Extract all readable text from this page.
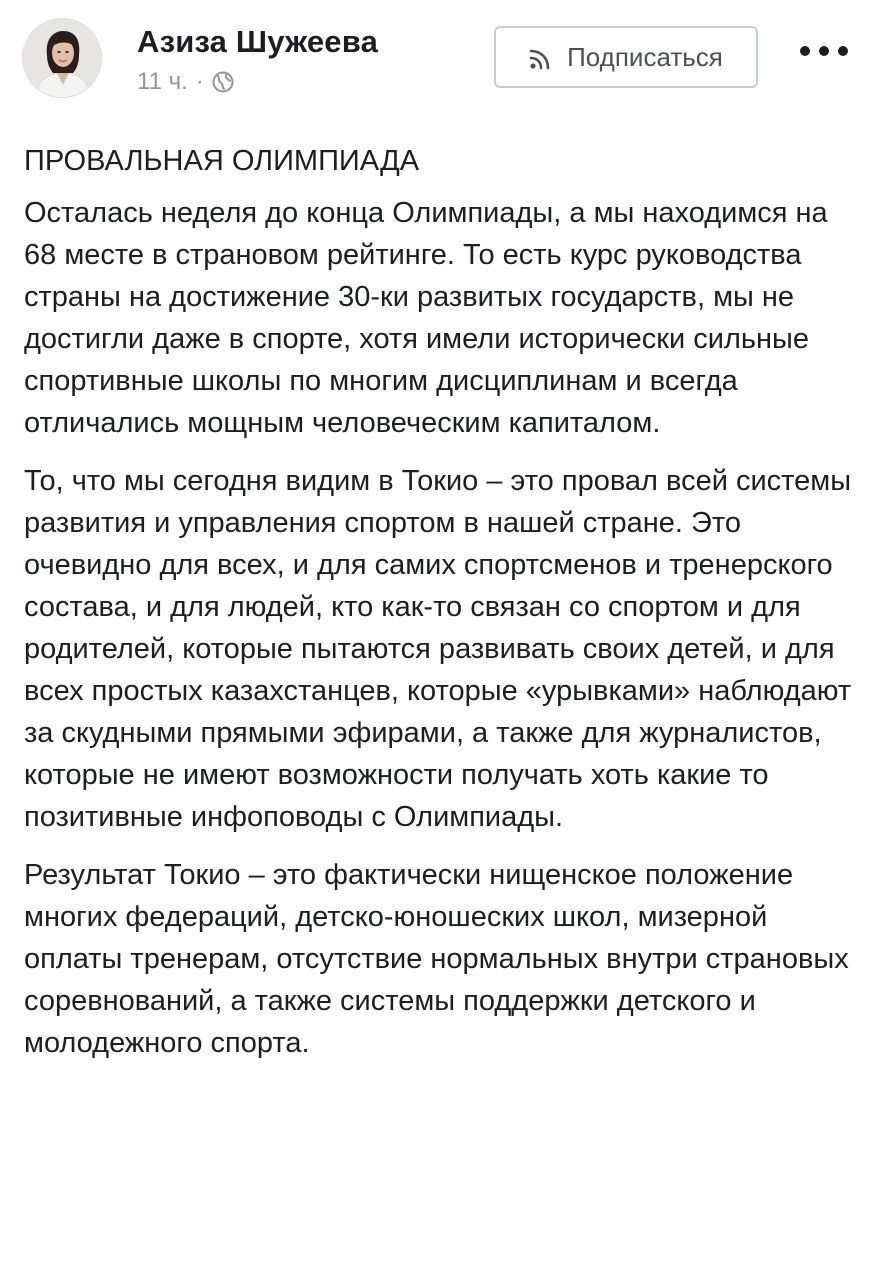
Азиза Шужеева
11 ч. ·
Подписаться

ПРОВАЛЬНАЯ ОЛИМПИАДА

Осталась неделя до конца Олимпиады, а мы находимся на 68 месте в страновом рейтинге. То есть курс руководства страны на достижение 30-ки развитых государств, мы не достигли даже в спорте, хотя имели исторически сильные спортивные школы по многим дисциплинам и всегда отличались мощным человеческим капиталом.

То, что мы сегодня видим в Токио – это провал всей системы развития и управления спортом в нашей стране. Это очевидно для всех, и для самих спортсменов и тренерского состава, и для людей, кто как-то связан со спортом и для родителей, которые пытаются развивать своих детей, и для всех простых казахстанцев, которые «урывками» наблюдают за скудными прямыми эфирами, а также для журналистов, которые не имеют возможности получать хоть какие то позитивные инфоповоды с Олимпиады.

Результат Токио – это фактически нищенское положение многих федераций, детско-юношеских школ, мизерной оплаты тренерам, отсутствие нормальных внутри страновых соревнований, а также системы поддержки детского и молодежного спорта.
